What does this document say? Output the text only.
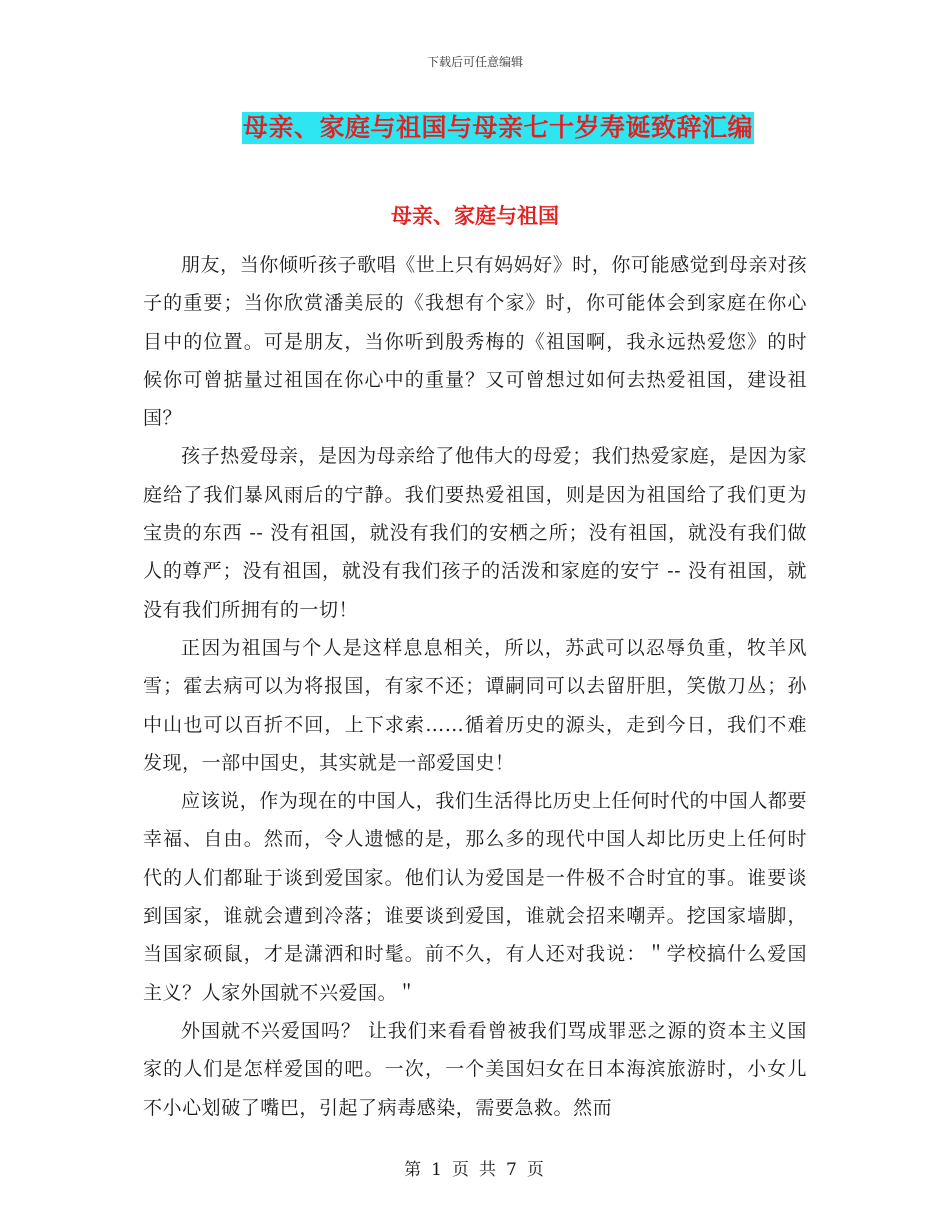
下载后可任意编辑
母亲、家庭与祖国与母亲七十岁寿诞致辞汇编
母亲、家庭与祖国

朋友，当你倾听孩子歌唱《世上只有妈妈好》时，你可能感觉到母亲对孩子的重要；当你欣赏潘美辰的《我想有个家》时，你可能体会到家庭在你心目中的位置。可是朋友，当你听到殷秀梅的《祖国啊，我永远热爱您》的时候你可曾掂量过祖国在你心中的重量？又可曾想过如何去热爱祖国，建设祖国？

孩子热爱母亲，是因为母亲给了他伟大的母爱；我们热爱家庭，是因为家庭给了我们暴风雨后的宁静。我们要热爱祖国，则是因为祖国给了我们更为宝贵的东西 -- 没有祖国，就没有我们的安栖之所；没有祖国，就没有我们做人的尊严；没有祖国，就没有我们孩子的活泼和家庭的安宁 -- 没有祖国，就没有我们所拥有的一切！

正因为祖国与个人是这样息息相关，所以，苏武可以忍辱负重，牧羊风雪；霍去病可以为将报国，有家不还；谭嗣同可以去留肝胆，笑傲刀丛；孙中山也可以百折不回，上下求索……循着历史的源头，走到今日，我们不难发现，一部中国史，其实就是一部爱国史！

应该说，作为现在的中国人，我们生活得比历史上任何时代的中国人都要幸福、自由。然而，令人遗憾的是，那么多的现代中国人却比历史上任何时代的人们都耻于谈到爱国家。他们认为爱国是一件极不合时宜的事。谁要谈到国家，谁就会遭到冷落；谁要谈到爱国，谁就会招来嘲弄。挖国家墙脚，当国家硕鼠，才是潇洒和时髦。前不久，有人还对我说：＂学校搞什么爱国主义？人家外国就不兴爱国。＂

外国就不兴爱国吗？ 让我们来看看曾被我们骂成罪恶之源的资本主义国家的人们是怎样爱国的吧。一次，一个美国妇女在日本海滨旅游时，小女儿不小心划破了嘴巴，引起了病毒感染，需要急救。然而

第 1 页 共 7 页
